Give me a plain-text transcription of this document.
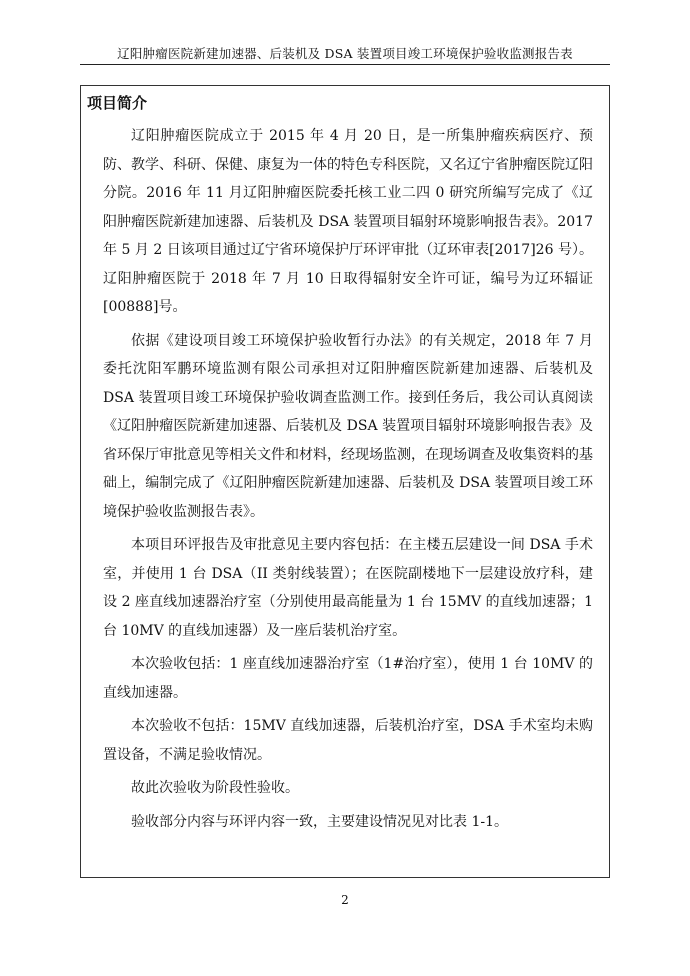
辽阳肿瘤医院新建加速器、后装机及 DSA 装置项目竣工环境保护验收监测报告表
项目简介

辽阳肿瘤医院成立于 2015 年 4 月 20 日，是一所集肿瘤疾病医疗、预防、教学、科研、保健、康复为一体的特色专科医院，又名辽宁省肿瘤医院辽阳分院。2016 年 11 月辽阳肿瘤医院委托核工业二四 0 研究所编写完成了《辽阳肿瘤医院新建加速器、后装机及 DSA 装置项目辐射环境影响报告表》。2017 年 5 月 2 日该项目通过辽宁省环境保护厅环评审批（辽环审表[2017]26 号）。辽阳肿瘤医院于 2018 年 7 月 10 日取得辐射安全许可证，编号为辽环辐证[00888]号。

依据《建设项目竣工环境保护验收暂行办法》的有关规定，2018 年 7 月委托沈阳军鹏环境监测有限公司承担对辽阳肿瘤医院新建加速器、后装机及 DSA 装置项目竣工环境保护验收调查监测工作。接到任务后，我公司认真阅读《辽阳肿瘤医院新建加速器、后装机及 DSA 装置项目辐射环境影响报告表》及省环保厅审批意见等相关文件和材料，经现场监测，在现场调查及收集资料的基础上，编制完成了《辽阳肿瘤医院新建加速器、后装机及 DSA 装置项目竣工环境保护验收监测报告表》。

本项目环评报告及审批意见主要内容包括：在主楼五层建设一间 DSA 手术室，并使用 1 台 DSA（II 类射线装置）；在医院副楼地下一层建设放疗科，建设 2 座直线加速器治疗室（分别使用最高能量为 1 台 15MV 的直线加速器；1 台 10MV 的直线加速器）及一座后装机治疗室。

本次验收包括：1 座直线加速器治疗室（1#治疗室），使用 1 台 10MV 的直线加速器。

本次验收不包括：15MV 直线加速器，后装机治疗室，DSA 手术室均未购置设备，不满足验收情况。

故此次验收为阶段性验收。

验收部分内容与环评内容一致，主要建设情况见对比表 1-1。

2
